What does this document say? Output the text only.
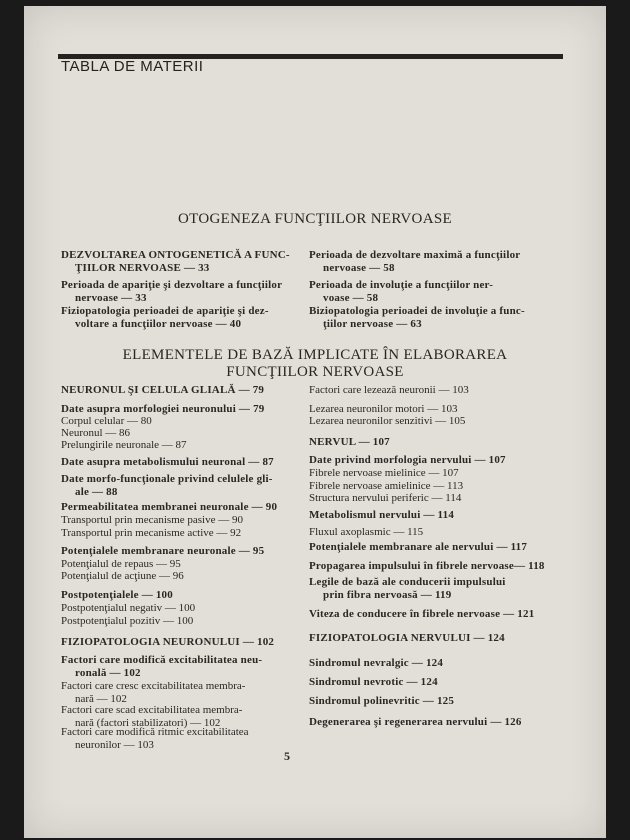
TABLA DE MATERII
OTOGENEZA FUNCŢIILOR NERVOASE
DEZVOLTAREA ONTOGENETICĂ A FUNC-
ŢIILOR NERVOASE — 33
Perioada de apariţie şi dezvoltare a funcţiilor
nervoase — 33
Fiziopatologia perioadei de apariţie şi dez-
voltare a funcţiilor nervoase — 40
Perioada de dezvoltare maximă a funcţiilor
nervoase — 58
Perioada de involuţie a funcţiilor ner-
voase — 58
Biziopatologia perioadei de involuţie a func-
ţiilor nervoase — 63
ELEMENTELE DE BAZĂ IMPLICATE ÎN ELABORAREA
FUNCŢIILOR NERVOASE
NEURONUL ŞI CELULA GLIALĂ — 79
Date asupra morfologiei neuronului — 79
Corpul celular — 80
Neuronul — 86
Prelungirile neuronale — 87
Date asupra metabolismului neuronal — 87
Date morfo-funcţionale privind celulele gli-
ale — 88
Permeabilitatea membranei neuronale — 90
Transportul prin mecanisme pasive — 90
Transportul prin mecanisme active — 92
Potenţialele membranare neuronale — 95
Potenţialul de repaus — 95
Potenţialul de acţiune — 96
Postpotenţialele — 100
Postpotenţialul negativ — 100
Postpotenţialul pozitiv — 100
FIZIOPATOLOGIA NEURONULUI — 102
Factori care modifică excitabilitatea neu-
ronală — 102
Factori care cresc excitabilitatea membra-
nară — 102
Factori care scad excitabilitatea membra-
nară (factori stabilizatori) — 102
Factori care modifică ritmic excitabilitatea
neuronilor — 103
Factori care lezează neuronii — 103
Lezarea neuronilor motori — 103
Lezarea neuronilor senzitivi — 105
NERVUL — 107
Date privind morfologia nervului — 107
Fibrele nervoase mielinice — 107
Fibrele nervoase amielinice — 113
Structura nervului periferic — 114
Metabolismul nervului — 114
Fluxul axoplasmic — 115
Potenţialele membranare ale nervului — 117
Propagarea impulsului în fibrele nervoase— 118
Legile de bază ale conducerii impulsului
prin fibra nervoasă — 119
Viteza de conducere în fibrele nervoase — 121
FIZIOPATOLOGIA NERVULUI — 124
Sindromul nevralgic — 124
Sindromul nevrotic — 124
Sindromul polinevritic — 125
Degenerarea şi regenerarea nervului — 126
5
